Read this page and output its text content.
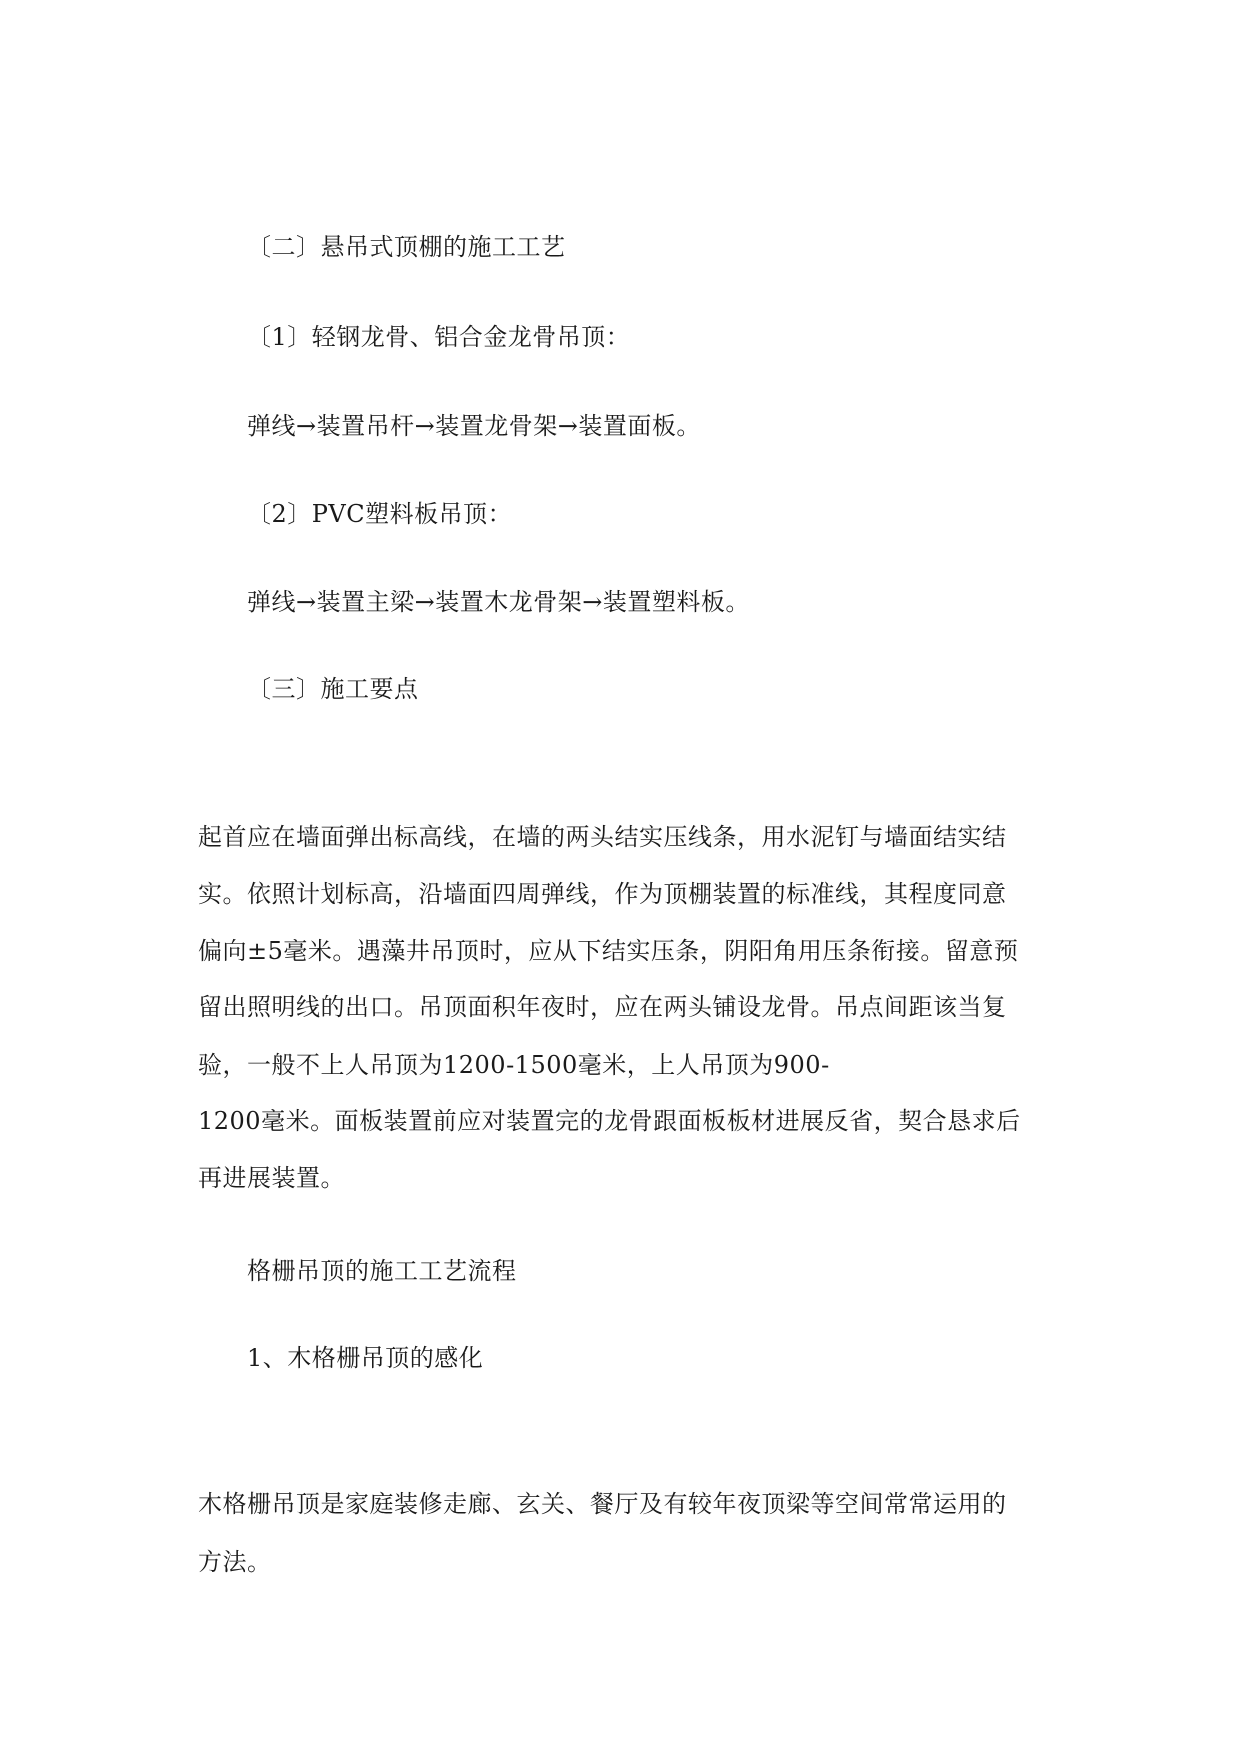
〔二〕悬吊式顶棚的施工工艺
〔1〕轻钢龙骨、铝合金龙骨吊顶：
弹线→装置吊杆→装置龙骨架→装置面板。
〔2〕PVC塑料板吊顶：
弹线→装置主梁→装置木龙骨架→装置塑料板。
〔三〕施工要点
起首应在墙面弹出标高线，在墙的两头结实压线条，用水泥钉与墙面结实结
实。依照计划标高，沿墙面四周弹线，作为顶棚装置的标准线，其程度同意
偏向±5毫米。遇藻井吊顶时，应从下结实压条，阴阳角用压条衔接。留意预
留出照明线的出口。吊顶面积年夜时，应在两头铺设龙骨。吊点间距该当复
验，一般不上人吊顶为1200-1500毫米，上人吊顶为900-
1200毫米。面板装置前应对装置完的龙骨跟面板板材进展反省，契合恳求后
再进展装置。
格栅吊顶的施工工艺流程
1、木格栅吊顶的感化
木格栅吊顶是家庭装修走廊、玄关、餐厅及有较年夜顶梁等空间常常运用的
方法。
